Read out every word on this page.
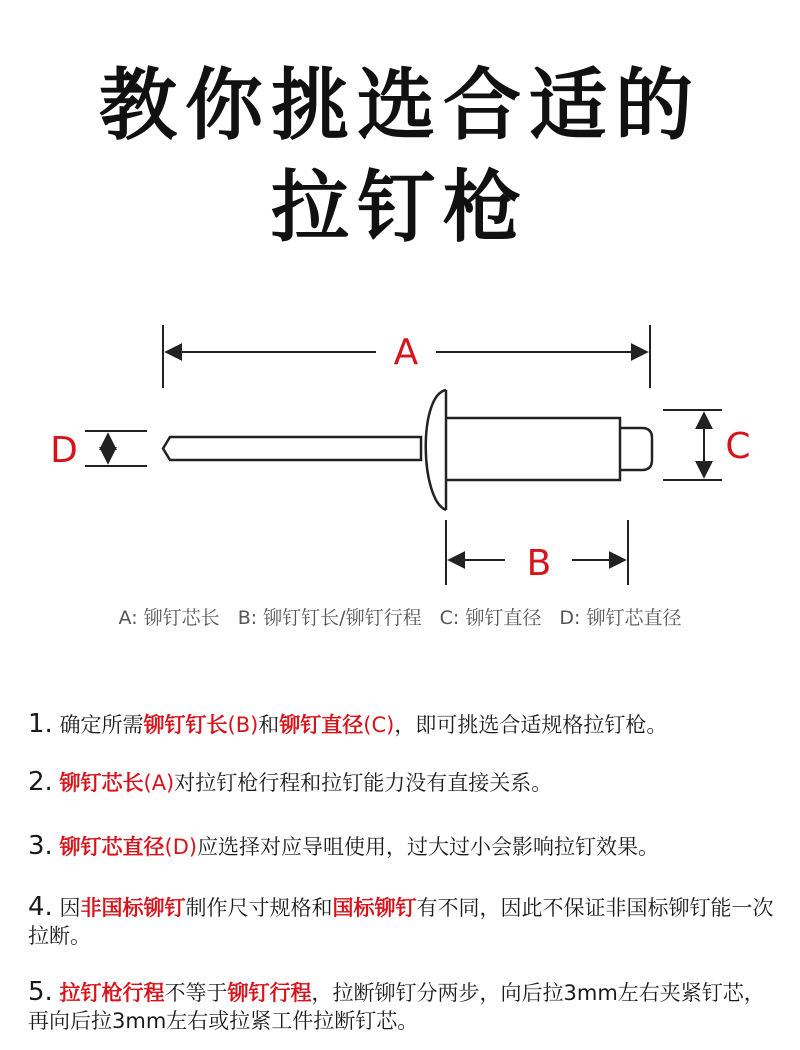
教你挑选合适的
拉钉枪
A
B
C
D
A: 铆钉芯长 B: 铆钉钉长/铆钉行程 C: 铆钉直径 D: 铆钉芯直径
1. 确定所需铆钉钉长(B)和铆钉直径(C)，即可挑选合适规格拉钉枪。
2. 铆钉芯长(A)对拉钉枪行程和拉钉能力没有直接关系。
3. 铆钉芯直径(D)应选择对应导咀使用，过大过小会影响拉钉效果。
4. 因非国标铆钉制作尺寸规格和国标铆钉有不同，因此不保证非国标铆钉能一次拉断。
5. 拉钉枪行程不等于铆钉行程，拉断铆钉分两步，向后拉3mm左右夹紧钉芯，再向后拉3mm左右或拉紧工件拉断钉芯。
